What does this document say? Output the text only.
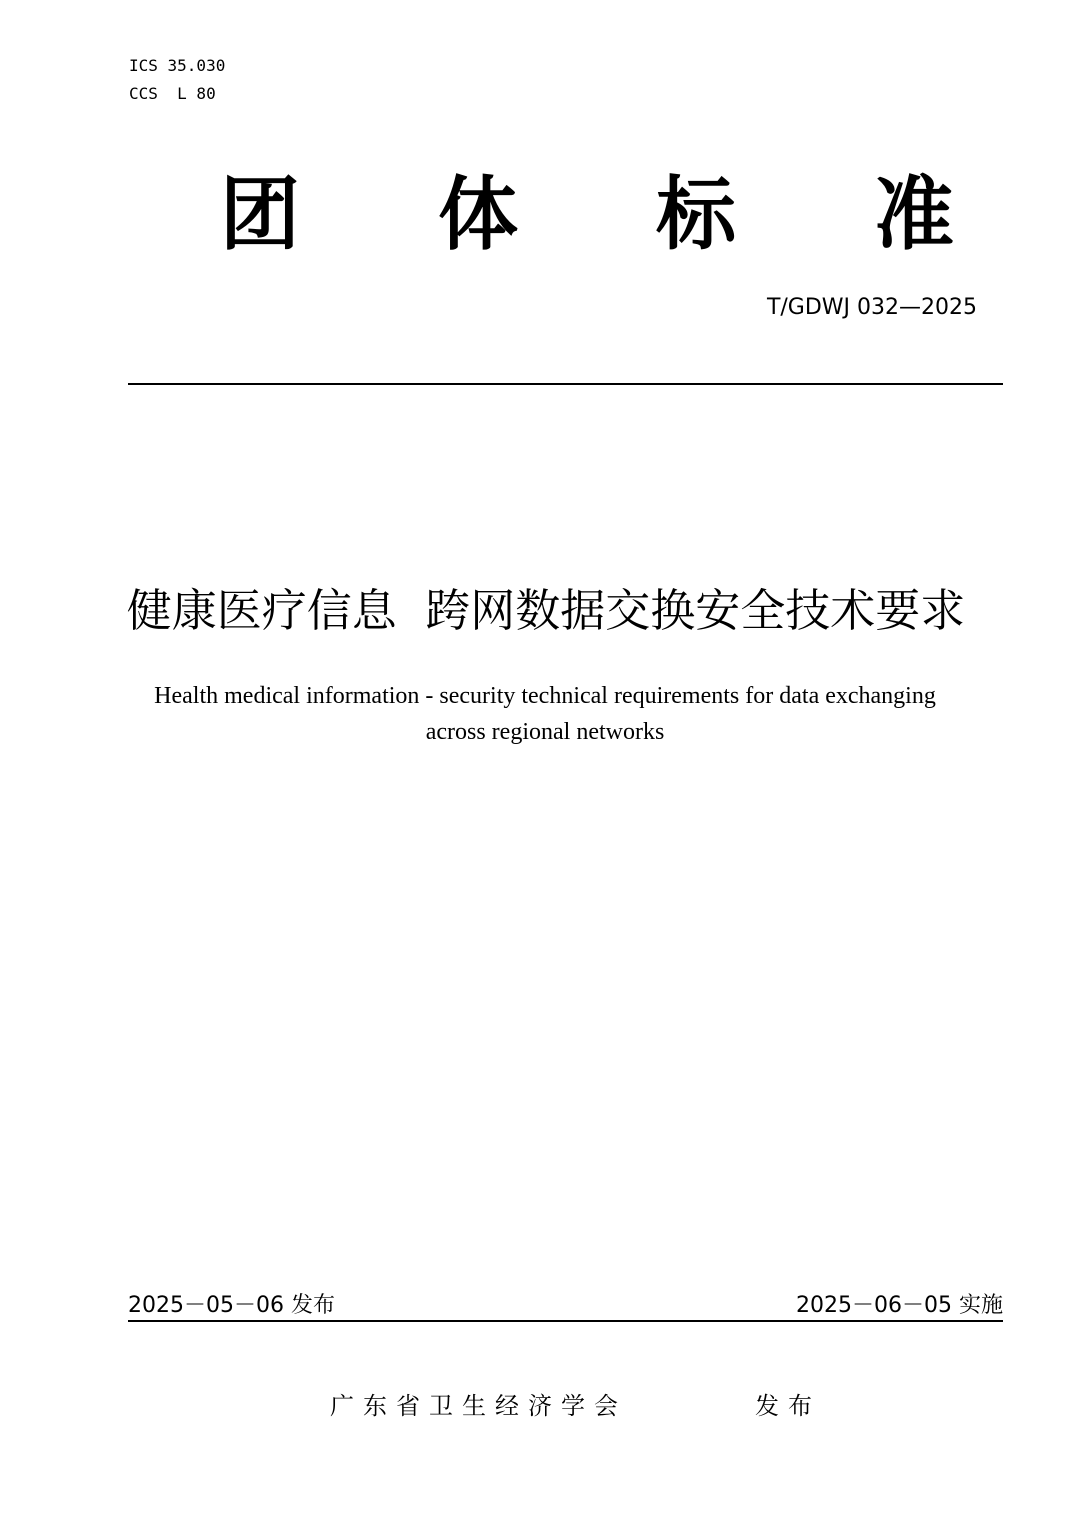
ICS 35.030
CCS  L 80
团 体 标 准
T/GDWJ 032—2025
健康医疗信息  跨网数据交换安全技术要求
Health medical information - security technical requirements for data exchanging
across regional networks
2025－05－06 发布	2025－06－05 实施
广东省卫生经济学会	发布
